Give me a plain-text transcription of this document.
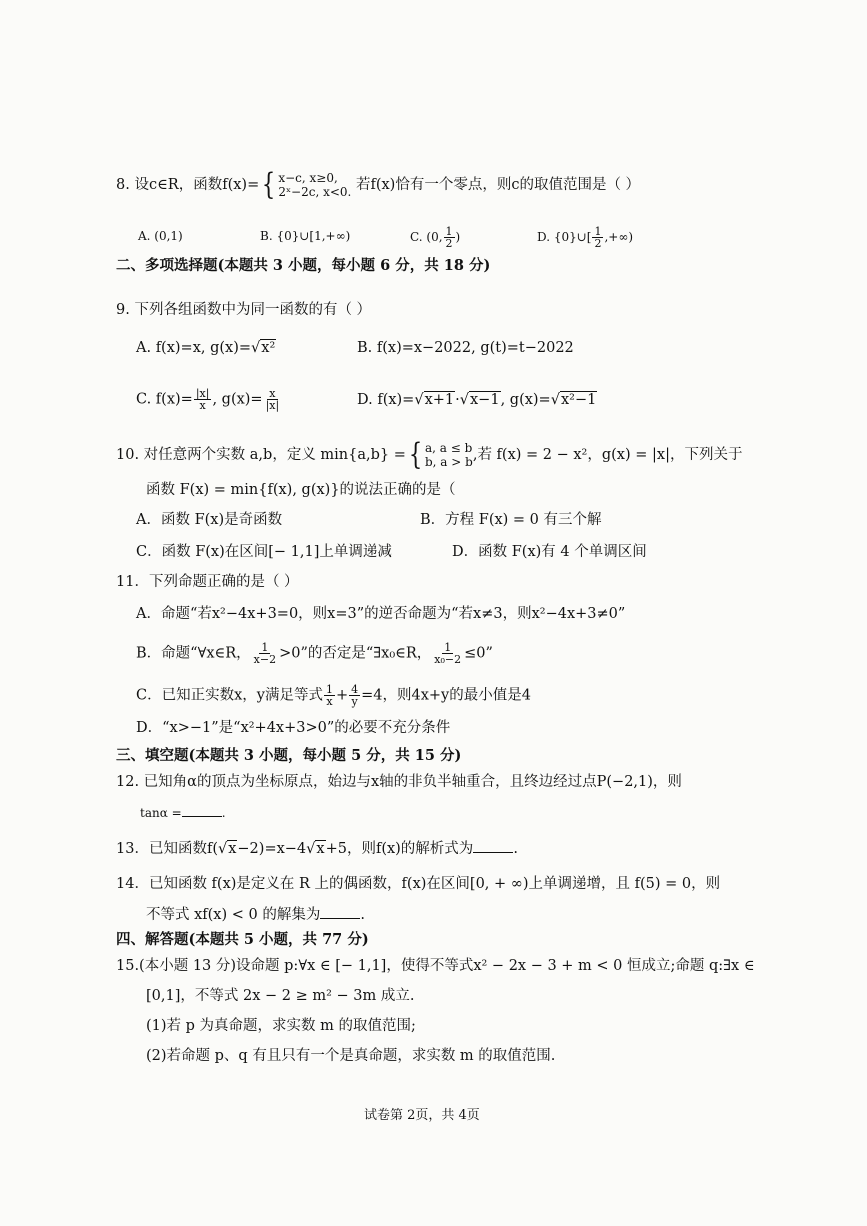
8. 设c∈R，函数f(x)= { x−c, x≥0,
2ˣ−2c, x<0. 若f(x)恰有一个零点，则c的取值范围是（ ）
A. (0,1)	B. {0}∪[1,+∞)	C. (0, $\frac{1}{2}$ )	D. {0}∪[ $\frac{1}{2}$ ,+∞)
二、多项选择题(本题共 3 小题，每小题 6 分，共 18 分)
9. 下列各组函数中为同一函数的有（ ）
A. f(x)=x, g(x)=√x²	B. f(x)=x−2022, g(t)=t−2022
C. $f(x)= \frac{|x|}{x}$ , $g(x)= \frac{x}{|x|}$	D. f(x)=√x+1·√x−1, g(x)=√x²−1
10. 对任意两个实数 a,b，定义 min{a,b} = { a, a ≤ b
b, a > b ,若 f(x) = 2 − x²，g(x) = |x|，下列关于
函数 F(x) = min{f(x), g(x)}的说法正确的是（
A．函数 F(x)是奇函数	B．方程 F(x) = 0 有三个解
C．函数 F(x)在区间[− 1,1]上单调递减	D．函数 F(x)有 4 个单调区间
11．下列命题正确的是（ ）
A．命题“若x²−4x+3=0，则x=3”的逆否命题为“若x≠3，则x²−4x+3≠0”
B．命题“∀x∈R， $\frac{1}{x-2} >0$”的否定是“∃x₀∈R， $\frac{1}{\text{x₀−2}} \le 0$”
C．已知正实数x，y满足等式 $\frac{1}{x} + \frac{4}{y} =4$，则4x+y的最小值是4
D．“x>−1”是“x²+4x+3>0”的必要不充分条件
三、填空题(本题共 3 小题，每小题 5 分，共 15 分)
12. 已知角α的顶点为坐标原点，始边与x轴的非负半轴重合，且终边经过点P(−2,1)，则
tanα =	.
13．已知函数f(√x−2)=x−4√x+5，则f(x)的解析式为	.
14．已知函数 f(x)是定义在 R 上的偶函数，f(x)在区间[0, + ∞)上单调递增，且 f(5) = 0，则
不等式 xf(x) < 0 的解集为	.
四、解答题(本题共 5 小题，共 77 分)
15.(本小题 13 分)设命题 p:∀x ∈ [− 1,1]，使得不等式x² − 2x − 3 + m < 0 恒成立;命题 q:∃x ∈
[0,1]，不等式 2x − 2 ≥ m² − 3m 成立.
(1)若 p 为真命题，求实数 m 的取值范围;
(2)若命题 p、q 有且只有一个是真命题，求实数 m 的取值范围.
试卷第 2页，共 4页
